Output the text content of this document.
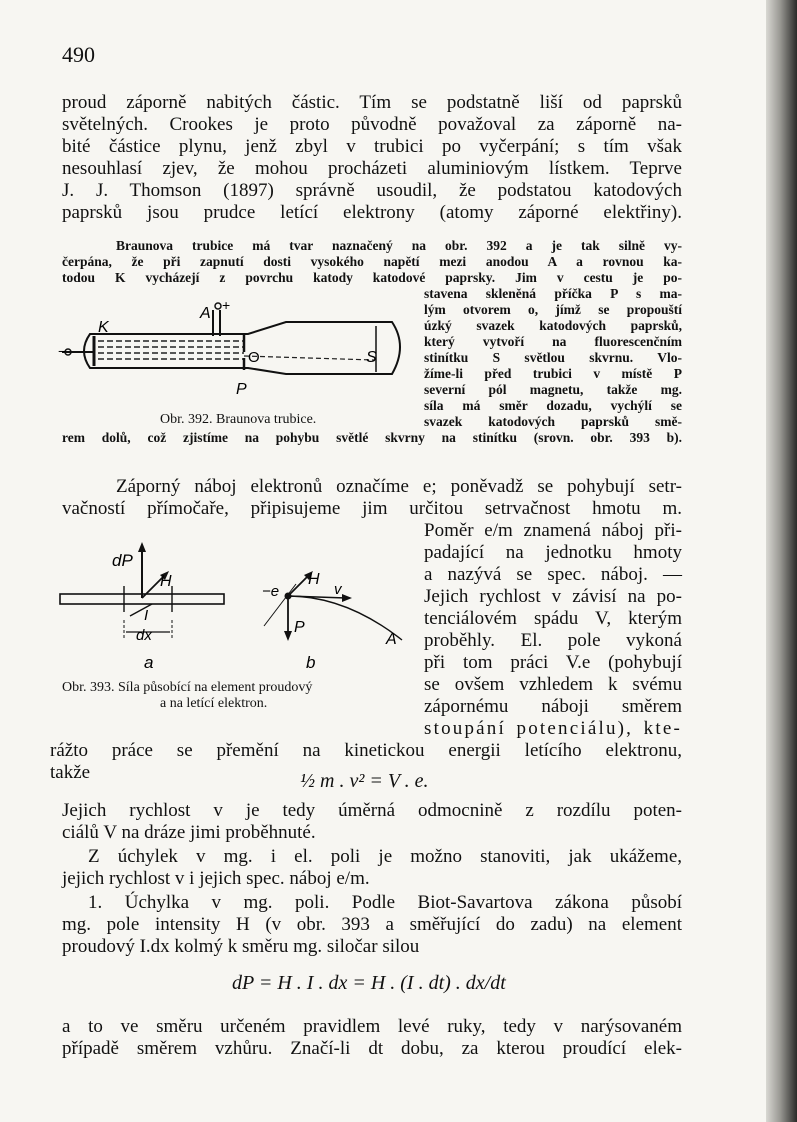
490

proud záporně nabitých částic. Tím se podstatně liší od paprsků

světelných. Crookes je proto původně považoval za záporně na-

bité částice plynu, jenž zbyl v trubici po vyčerpání; s tím však

nesouhlasí zjev, že mohou procházeti aluminiovým lístkem. Teprve

J. J. Thomson (1897) správně usoudil, že podstatou katodových

paprsků jsou prudce letící elektrony (atomy záporné elektřiny).

Braunova trubice má tvar naznačený na obr. 392 a je tak silně vy-

čerpána, že při zapnutí dosti vysokého napětí mezi anodou A a rovnou ka-

todou K vycházejí z povrchu katody katodové paprsky. Jim v cestu je po-

stavena skleněná příčka P s ma-

lým otvorem o, jímž se propouští

úzký svazek katodových paprsků,

který vytvoří na fluorescenčním

stinítku S světlou skvrnu. Vlo-

žíme-li před trubici v místě P

severní pól magnetu, takže mg.

síla má směr dozadu, vychýlí se

svazek katodových paprsků smě-

rem dolů, což zjistíme na pohybu světlé skvrny na stinítku (srovn. obr. 393 b).

A +
K
−	O	S
P
Obr. 392. Braunova trubice.

Záporný náboj elektronů označíme e; poněvadž se pohybují setr-

vačností přímočaře, připisujeme jim určitou setrvačnost hmotu m.

Poměr e/m znamená náboj při-

padající na jednotku hmoty

a nazývá se spec. náboj. —

Jejich rychlost v závisí na po-

tenciálovém spádu V, kterým

proběhly. El. pole vykoná

při tom práci V.e (pohybují

se ovšem vzhledem k svému

zápornému náboji směrem

stoupání potenciálu), kte-

dP
H
I
dx
a
−e
H
v
P
A
b
Obr. 393. Síla působící na element proudový
a na letící elektron.

rážto práce se přemění na kinetickou energii letícího elektronu,

takže	½ m . v² = V . e.

Jejich rychlost v je tedy úměrná odmocnině z rozdílu poten-

ciálů V na dráze jimi proběhnuté.

Z úchylek v mg. i el. poli je možno stanoviti, jak ukážeme,

jejich rychlost v i jejich spec. náboj e/m.

1. Úchylka v mg. poli. Podle Biot-Savartova zákona působí

mg. pole intensity H (v obr. 393 a směřující do zadu) na element

proudový I.dx kolmý k směru mg. siločar silou

dP = H . I . dx = H . (I . dt) . dx/dt

a to ve směru určeném pravidlem levé ruky, tedy v narýsovaném

případě směrem vzhůru. Značí-li dt dobu, za kterou proudící elek-
